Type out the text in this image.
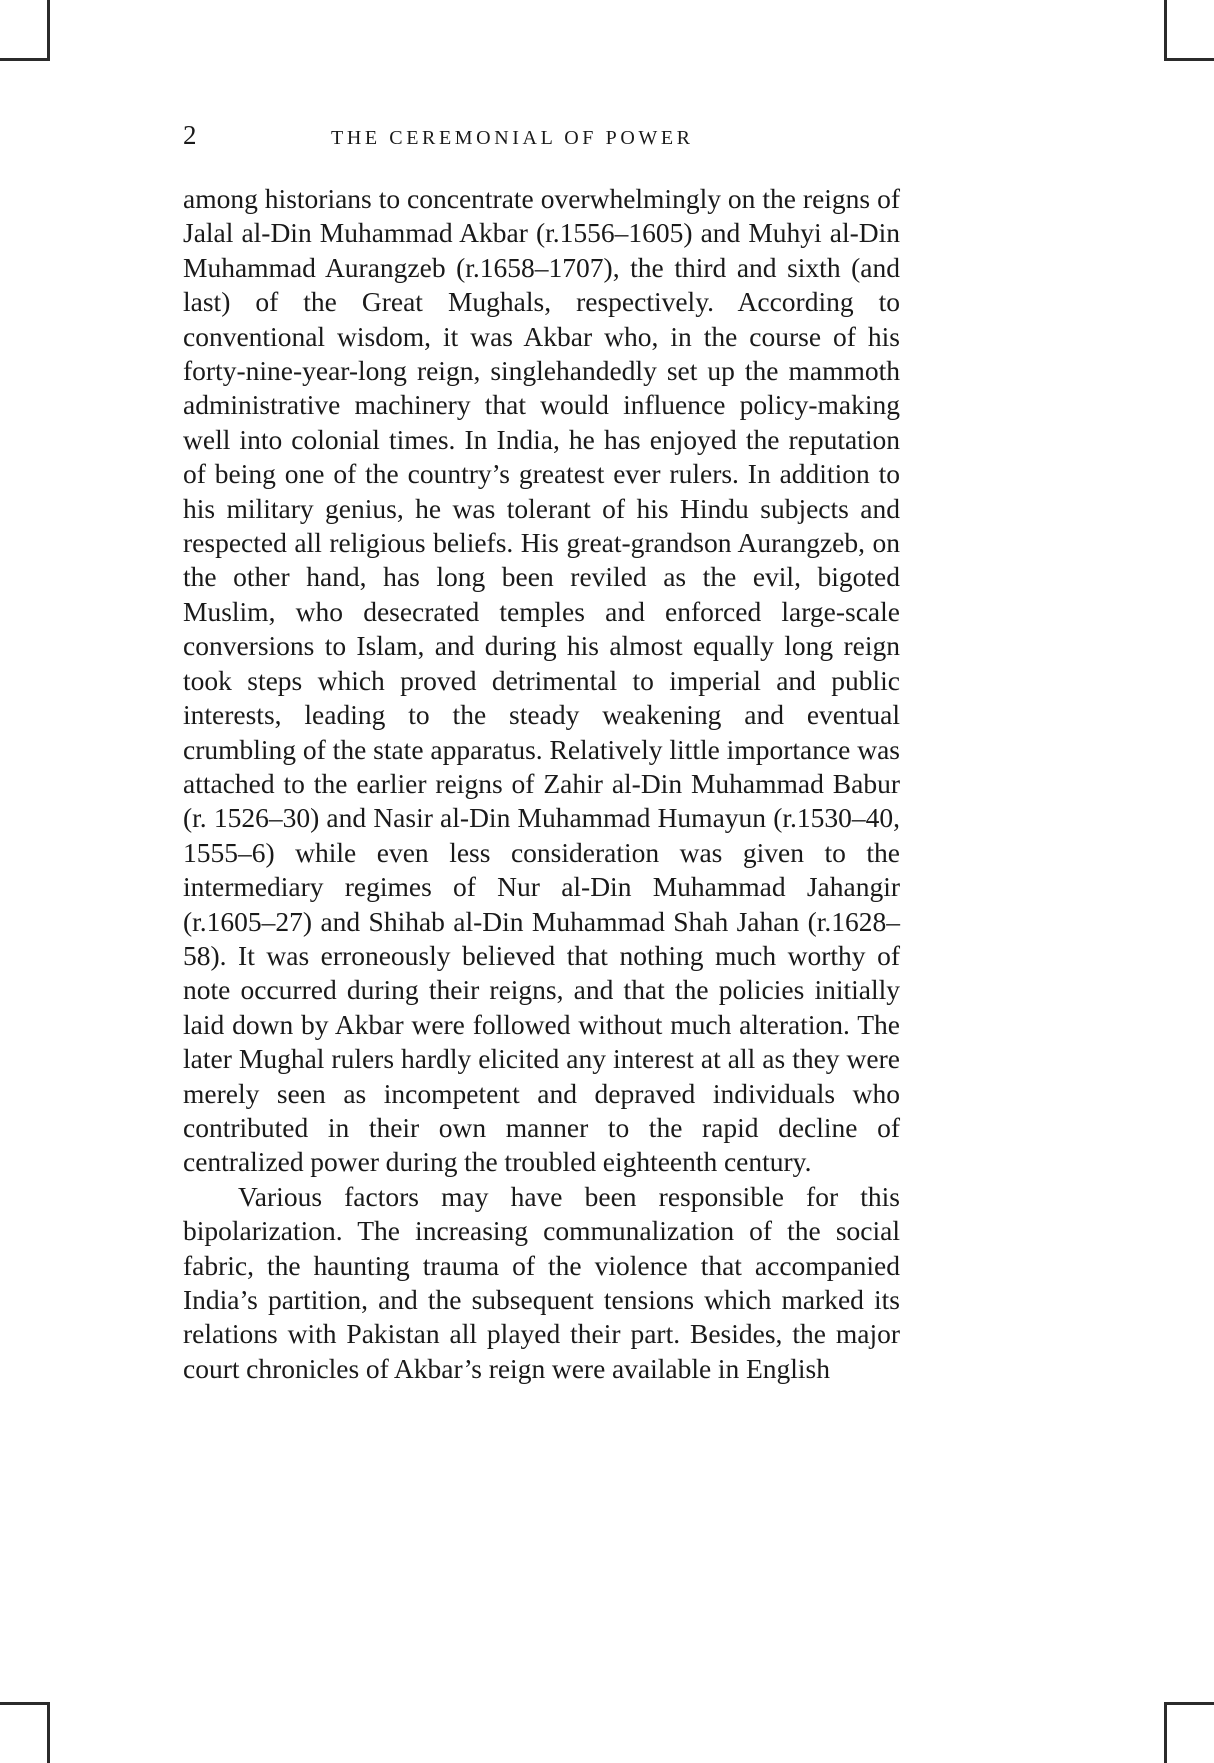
2	THE CEREMONIAL OF POWER

among historians to concentrate overwhelmingly on the reigns of Jalal al-Din Muhammad Akbar (r.1556–1605) and Muhyi al-Din Muhammad Aurangzeb (r.1658–1707), the third and sixth (and last) of the Great Mughals, respectively. According to conventional wisdom, it was Akbar who, in the course of his forty-nine-year-long reign, singlehandedly set up the mammoth administrative machinery that would influence policy-making well into colonial times. In India, he has enjoyed the reputation of being one of the country’s greatest ever rulers. In addition to his military genius, he was tolerant of his Hindu subjects and respected all religious beliefs. His great-grandson Aurangzeb, on the other hand, has long been reviled as the evil, bigoted Muslim, who desecrated temples and enforced large-scale conversions to Islam, and during his almost equally long reign took steps which proved detrimental to imperial and public interests, leading to the steady weakening and eventual crumbling of the state apparatus. Relatively little importance was attached to the earlier reigns of Zahir al-Din Muhammad Babur (r. 1526–30) and Nasir al-Din Muhammad Humayun (r.1530–40, 1555–6) while even less consideration was given to the intermediary regimes of Nur al-Din Muhammad Jahangir (r.1605–27) and Shihab al-Din Muhammad Shah Jahan (r.1628–58). It was erroneously believed that nothing much worthy of note occurred during their reigns, and that the policies initially laid down by Akbar were followed without much alteration. The later Mughal rulers hardly elicited any interest at all as they were merely seen as incompetent and depraved individuals who contributed in their own manner to the rapid decline of centralized power during the troubled eighteenth century.

Various factors may have been responsible for this bipolarization. The increasing communalization of the social fabric, the haunting trauma of the violence that accompanied India’s partition, and the subsequent tensions which marked its relations with Pakistan all played their part. Besides, the major court chronicles of Akbar’s reign were available in English
